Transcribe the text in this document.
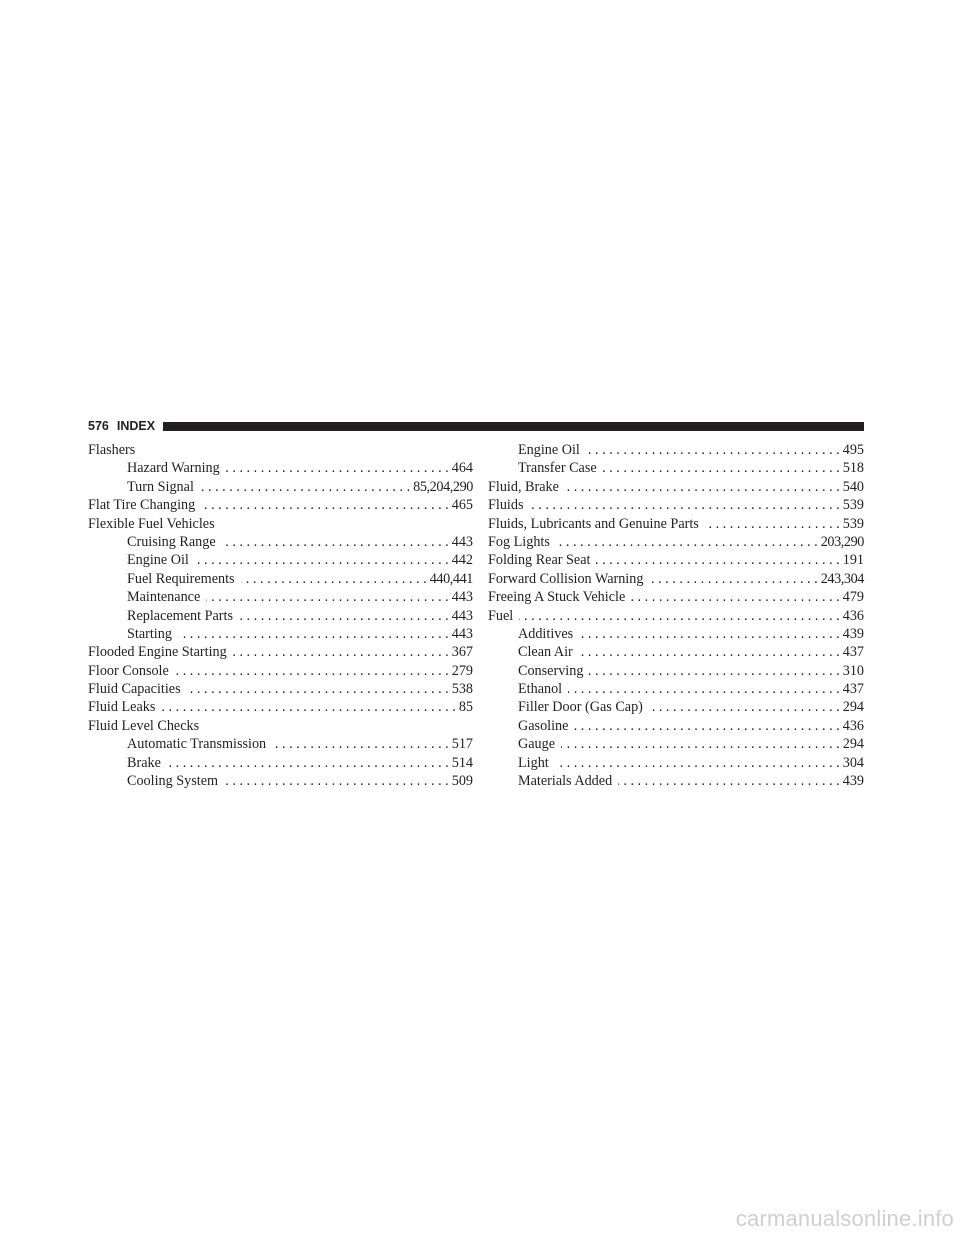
576 INDEX
Flashers
Hazard Warning . . .	464
Turn Signal . . .	85,204,290
Flat Tire Changing . . .	465
Flexible Fuel Vehicles
Cruising Range . . .	443
Engine Oil . . .	442
Fuel Requirements . . .	440,441
Maintenance . . .	443
Replacement Parts . . .	443
Starting . . .	443
Flooded Engine Starting . . .	367
Floor Console . . .	279
Fluid Capacities . . .	538
Fluid Leaks . . .	85
Fluid Level Checks
Automatic Transmission . . .	517
Brake . . .	514
Cooling System . . .	509
Engine Oil . . .	495
Transfer Case . . .	518
Fluid, Brake . . .	540
Fluids . . .	539
Fluids, Lubricants and Genuine Parts . . .	539
Fog Lights . . .	203,290
Folding Rear Seat . . .	191
Forward Collision Warning . . .	243,304
Freeing A Stuck Vehicle . . .	479
Fuel . . .	436
Additives . . .	439
Clean Air . . .	437
Conserving . . .	310
Ethanol . . .	437
Filler Door (Gas Cap) . . .	294
Gasoline . . .	436
Gauge . . .	294
Light . . .	304
Materials Added . . .	439
carmanualsonline.info
